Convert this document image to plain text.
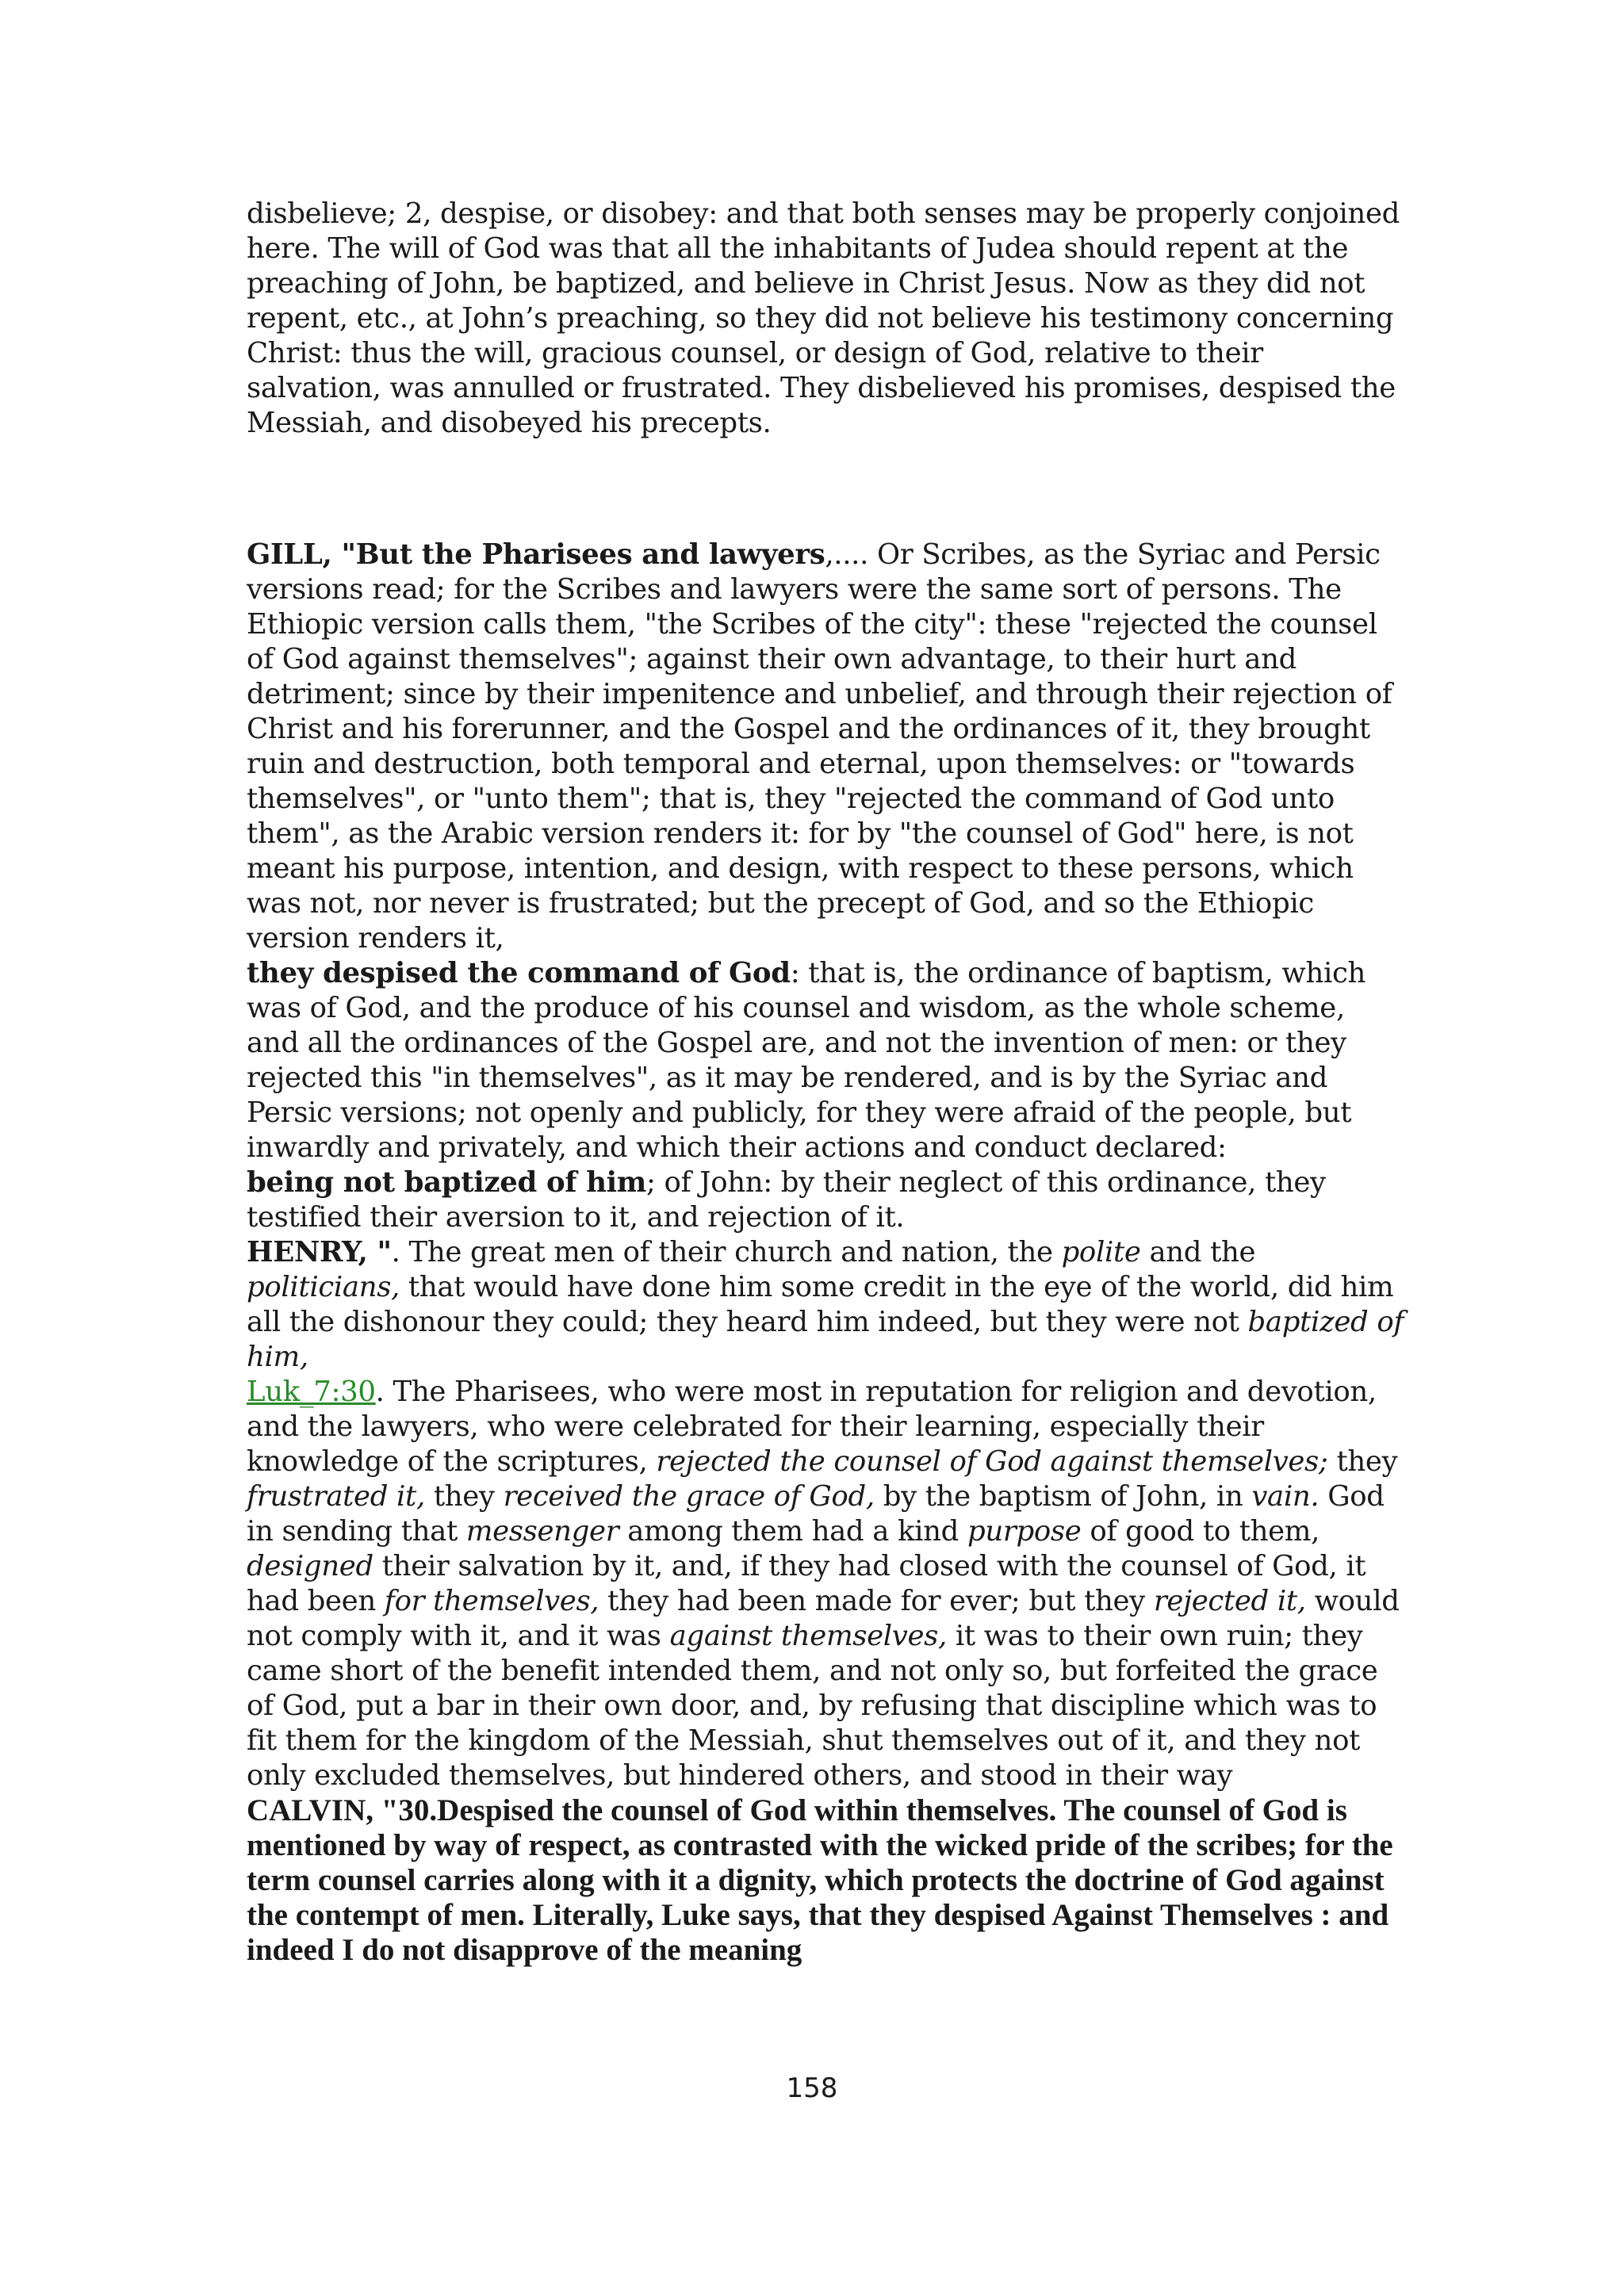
disbelieve; 2, despise, or disobey: and that both senses may be properly conjoined here. The will of God was that all the inhabitants of Judea should repent at the preaching of John, be baptized, and believe in Christ Jesus. Now as they did not repent, etc., at John’s preaching, so they did not believe his testimony concerning Christ: thus the will, gracious counsel, or design of God, relative to their salvation, was annulled or frustrated. They disbelieved his promises, despised the Messiah, and disobeyed his precepts.

GILL, "But the Pharisees and lawyers,.... Or Scribes, as the Syriac and Persic versions read; for the Scribes and lawyers were the same sort of persons. The Ethiopic version calls them, "the Scribes of the city": these "rejected the counsel of God against themselves"; against their own advantage, to their hurt and detriment; since by their impenitence and unbelief, and through their rejection of Christ and his forerunner, and the Gospel and the ordinances of it, they brought ruin and destruction, both temporal and eternal, upon themselves: or "towards themselves", or "unto them"; that is, they "rejected the command of God unto them", as the Arabic version renders it: for by "the counsel of God" here, is not meant his purpose, intention, and design, with respect to these persons, which was not, nor never is frustrated; but the precept of God, and so the Ethiopic version renders it,

they despised the command of God: that is, the ordinance of baptism, which was of God, and the produce of his counsel and wisdom, as the whole scheme, and all the ordinances of the Gospel are, and not the invention of men: or they rejected this "in themselves", as it may be rendered, and is by the Syriac and Persic versions; not openly and publicly, for they were afraid of the people, but inwardly and privately, and which their actions and conduct declared:

being not baptized of him; of John: by their neglect of this ordinance, they testified their aversion to it, and rejection of it.

HENRY, ". The great men of their church and nation, the polite and the politicians, that would have done him some credit in the eye of the world, did him all the dishonour they could; they heard him indeed, but they were not baptized of him,
Luk_7:30. The Pharisees, who were most in reputation for religion and devotion, and the lawyers, who were celebrated for their learning, especially their knowledge of the scriptures, rejected the counsel of God against themselves; they frustrated it, they received the grace of God, by the baptism of John, in vain. God in sending that messenger among them had a kind purpose of good to them, designed their salvation by it, and, if they had closed with the counsel of God, it had been for themselves, they had been made for ever; but they rejected it, would not comply with it, and it was against themselves, it was to their own ruin; they came short of the benefit intended them, and not only so, but forfeited the grace of God, put a bar in their own door, and, by refusing that discipline which was to fit them for the kingdom of the Messiah, shut themselves out of it, and they not only excluded themselves, but hindered others, and stood in their way

CALVIN, "30.Despised the counsel of God within themselves. The counsel of God is mentioned by way of respect, as contrasted with the wicked pride of the scribes; for the term counsel carries along with it a dignity, which protects the doctrine of God against the contempt of men. Literally, Luke says, that they despised Against Themselves : and indeed I do not disapprove of the meaning

158
